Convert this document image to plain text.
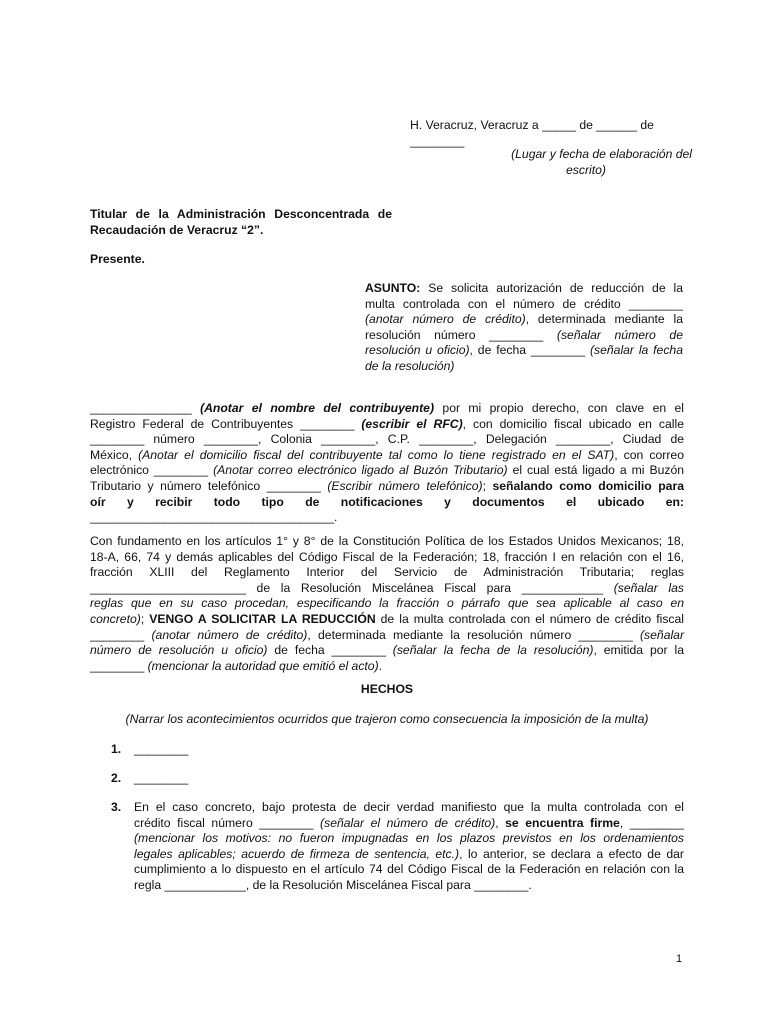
H. Veracruz, Veracruz a _____ de ______ de
________
(Lugar y fecha de elaboración del
escrito)
Titular de la Administración Desconcentrada de
Recaudación de Veracruz “2”.
Presente.
ASUNTO: Se solicita autorización de reducción de la
multa controlada con el número de crédito ________
(anotar número de crédito), determinada mediante la
resolución número ________ (señalar número de
resolución u oficio), de fecha ________ (señalar la fecha
de la resolución)
_______________ (Anotar el nombre del contribuyente) por mi propio derecho, con clave en el
Registro Federal de Contribuyentes ________ (escribir el RFC), con domicilio fiscal ubicado en calle
________ número ________, Colonia ________, C.P. ________, Delegación ________, Ciudad de
México, (Anotar el domicilio fiscal del contribuyente tal como lo tiene registrado en el SAT), con correo
electrónico ________ (Anotar correo electrónico ligado al Buzón Tributario) el cual está ligado a mi Buzón
Tributario y número telefónico ________ (Escribir número telefónico); señalando como domicilio para
oír y recibir todo tipo de notificaciones y documentos el ubicado en:
____________________________________.
Con fundamento en los artículos 1° y 8° de la Constitución Política de los Estados Unidos Mexicanos; 18,
18-A, 66, 74 y demás aplicables del Código Fiscal de la Federación; 18, fracción I en relación con el 16,
fracción XLIII del Reglamento Interior del Servicio de Administración Tributaria; reglas
_______________________ de la Resolución Miscelánea Fiscal para ____________ (señalar las
reglas que en su caso procedan, especificando la fracción o párrafo que sea aplicable al caso en
concreto); VENGO A SOLICITAR LA REDUCCIÓN de la multa controlada con el número de crédito fiscal
________ (anotar número de crédito), determinada mediante la resolución número ________ (señalar
número de resolución u oficio) de fecha ________ (señalar la fecha de la resolución), emitida por la
________ (mencionar la autoridad que emitió el acto).
HECHOS
(Narrar los acontecimientos ocurridos que trajeron como consecuencia la imposición de la multa)
1. ________
2. ________
3. En el caso concreto, bajo protesta de decir verdad manifiesto que la multa controlada con el
crédito fiscal número ________ (señalar el número de crédito), se encuentra firme, ________
(mencionar los motivos: no fueron impugnadas en los plazos previstos en los ordenamientos
legales aplicables; acuerdo de firmeza de sentencia, etc.), lo anterior, se declara a efecto de dar
cumplimiento a lo dispuesto en el artículo 74 del Código Fiscal de la Federación en relación con la
regla ____________, de la Resolución Miscelánea Fiscal para ________.
1
